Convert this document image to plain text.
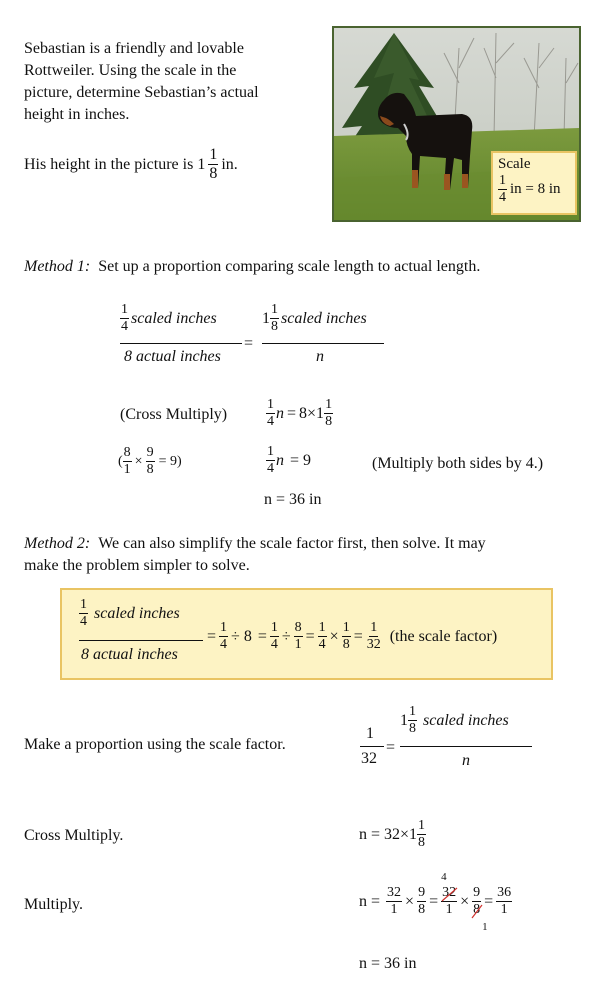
Sebastian is a friendly and lovable
Rottweiler. Using the scale in the
picture, determine Sebastian’s actual
height in inches.
His height in the picture is
$1 \frac{1}{8}$ in.	Scale
$\frac{1}{4}$ in = 8 in
Method 1:
Set up a proportion comparing scale length to actual length.
$\frac{1}{4}$ scaled inches
8 actual inches
=
$1 \frac{1}{8}$ scaled inches
n
(Cross Multiply)	$\frac{1}{4}$ $n = 8\times 1 \frac{1}{8}$
( $\frac{8}{1} \times \frac{9}{8} = 9$)	$\frac{1}{4}$ n = 9	(Multiply both sides by 4.)
n = 36 in
Method 2:
We can also simplify the scale factor first, then solve. It may
make the problem simpler to solve.
$\frac{1}{4}$ scaled inches
8 actual inches
= $\frac{1}{4} \div 8 = \frac{1}{4} \div \frac{8}{1} = \frac{1}{4} \times \frac{1}{8} = \frac{1}{32} (the$ scale factor)
Make a proportion using the scale factor.
1
32
=
$1 \frac{1}{8}$ scaled inches
n
Cross Multiply.	$n = 32\times 1 \frac{1}{8}$
Multiply.	$n = \frac{32}{1} \times \frac{9}{8} = 32$
1
4
× 9
8
1
= $\frac{36}{1}$
n = 36 in
